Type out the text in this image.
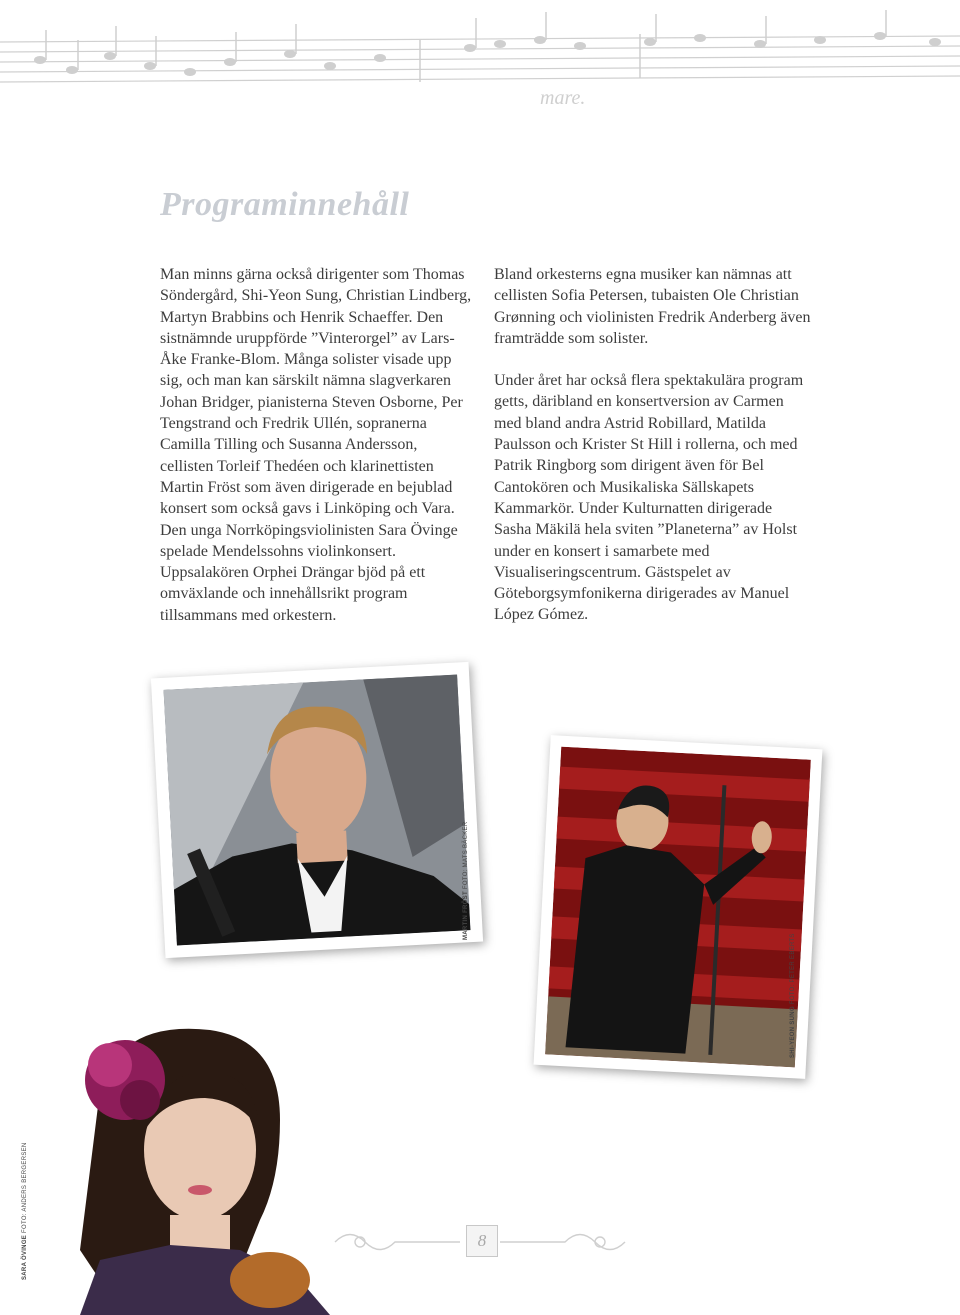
mare.
Programinnehåll

Man minns gärna också dirigenter som Thomas Söndergård, Shi-Yeon Sung, Christian Lindberg, Martyn Brabbins och Henrik Schaeffer. Den sistnämnde uruppförde ”Vinterorgel” av Lars-Åke Franke-Blom. Många solister visade upp sig, och man kan särskilt nämna slagverkaren Johan Bridger, pianisterna Steven Osborne, Per Tengstrand och Fredrik Ullén, sopranerna Camilla Tilling och Susanna Andersson, cellisten Torleif Thedéen och klarinettisten Martin Fröst som även dirigerade en bejublad konsert som också gavs i Linköping och Vara. Den unga Norrköpingsviolinisten Sara Övinge spelade Mendelssohns violinkonsert. Uppsalakören Orphei Drängar bjöd på ett omväxlande och innehållsrikt program tillsammans med orkestern.

Bland orkesterns egna musiker kan nämnas att cellisten Sofia Petersen, tubaisten Ole Christian Grønning och violinisten Fredrik Anderberg även framträdde som solister.

Under året har också flera spektakulära program getts, däribland en konsertversion av Carmen med bland andra Astrid Robillard, Matilda Paulsson och Krister St Hill i rollerna, och med Patrik Ringborg som dirigent även för Bel Cantokören och Musikaliska Sällskapets Kammarkör. Under Kulturnatten dirigerade Sasha Mäkilä hela sviten ”Planeterna” av Holst under en konsert i samarbete med Visualiseringscentrum. Gästspelet av Göteborgsymfonikerna dirigerades av Manuel López Gómez.

MARTIN FRÖST FOTO: MATS BÄCKER
SHI-YEON SUNG FOTO: PETER EBERTS
SARA ÖVINGE FOTO: ANDERS BERGERSEN
8
